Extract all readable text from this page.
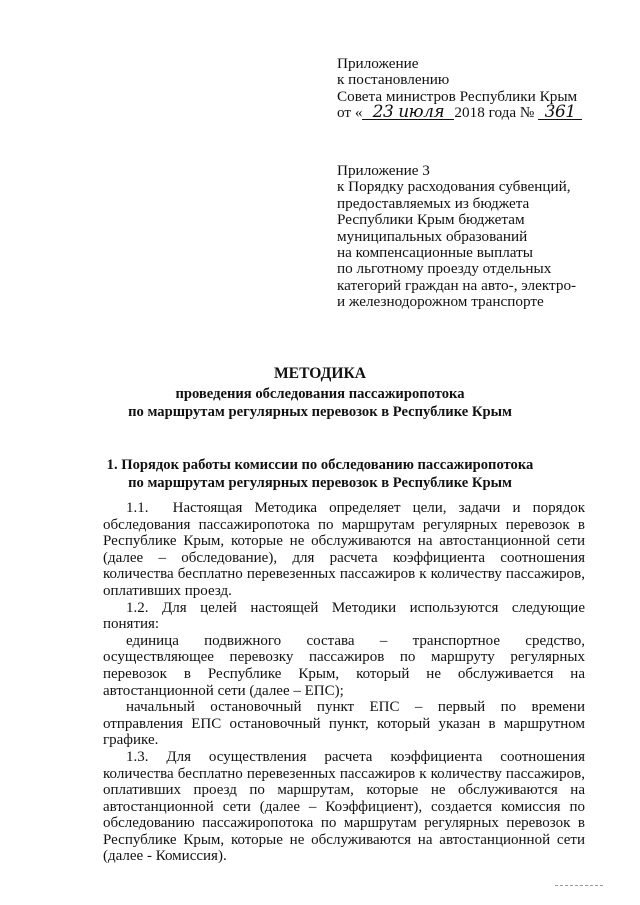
Приложение
к постановлению
Совета министров Республики Крым
от « 23 июля 2018 года № 361
Приложение 3
к Порядку расходования субвенций,
предоставляемых из бюджета
Республики Крым бюджетам
муниципальных образований
на компенсационные выплаты
по льготному проезду отдельных
категорий граждан на авто-, электро-
и железнодорожном транспорте
МЕТОДИКА
проведения обследования пассажиропотока
по маршрутам регулярных перевозок в Республике Крым
1. Порядок работы комиссии по обследованию пассажиропотока
по маршрутам регулярных перевозок в Республике Крым

1.1.  Настоящая Методика определяет цели, задачи и порядок обследования пассажиропотока по маршрутам регулярных перевозок в Республике Крым, которые не обслуживаются на автостанционной сети (далее – обследование), для расчета коэффициента соотношения количества бесплатно перевезенных пассажиров к количеству пассажиров, оплативших проезд.

1.2. Для целей настоящей Методики используются следующие понятия:

единица подвижного состава – транспортное средство, осуществляющее перевозку пассажиров по маршруту регулярных перевозок в Республике Крым, который не обслуживается на автостанционной сети (далее – ЕПС);

начальный остановочный пункт ЕПС – первый по времени отправления ЕПС остановочный пункт, который указан в маршрутном графике.

1.3. Для осуществления расчета коэффициента соотношения количества бесплатно перевезенных пассажиров к количеству пассажиров, оплативших проезд по маршрутам, которые не обслуживаются на автостанционной сети (далее – Коэффициент), создается комиссия по обследованию пассажиропотока по маршрутам регулярных перевозок в Республике Крым, которые не обслуживаются на автостанционной сети (далее - Комиссия).
